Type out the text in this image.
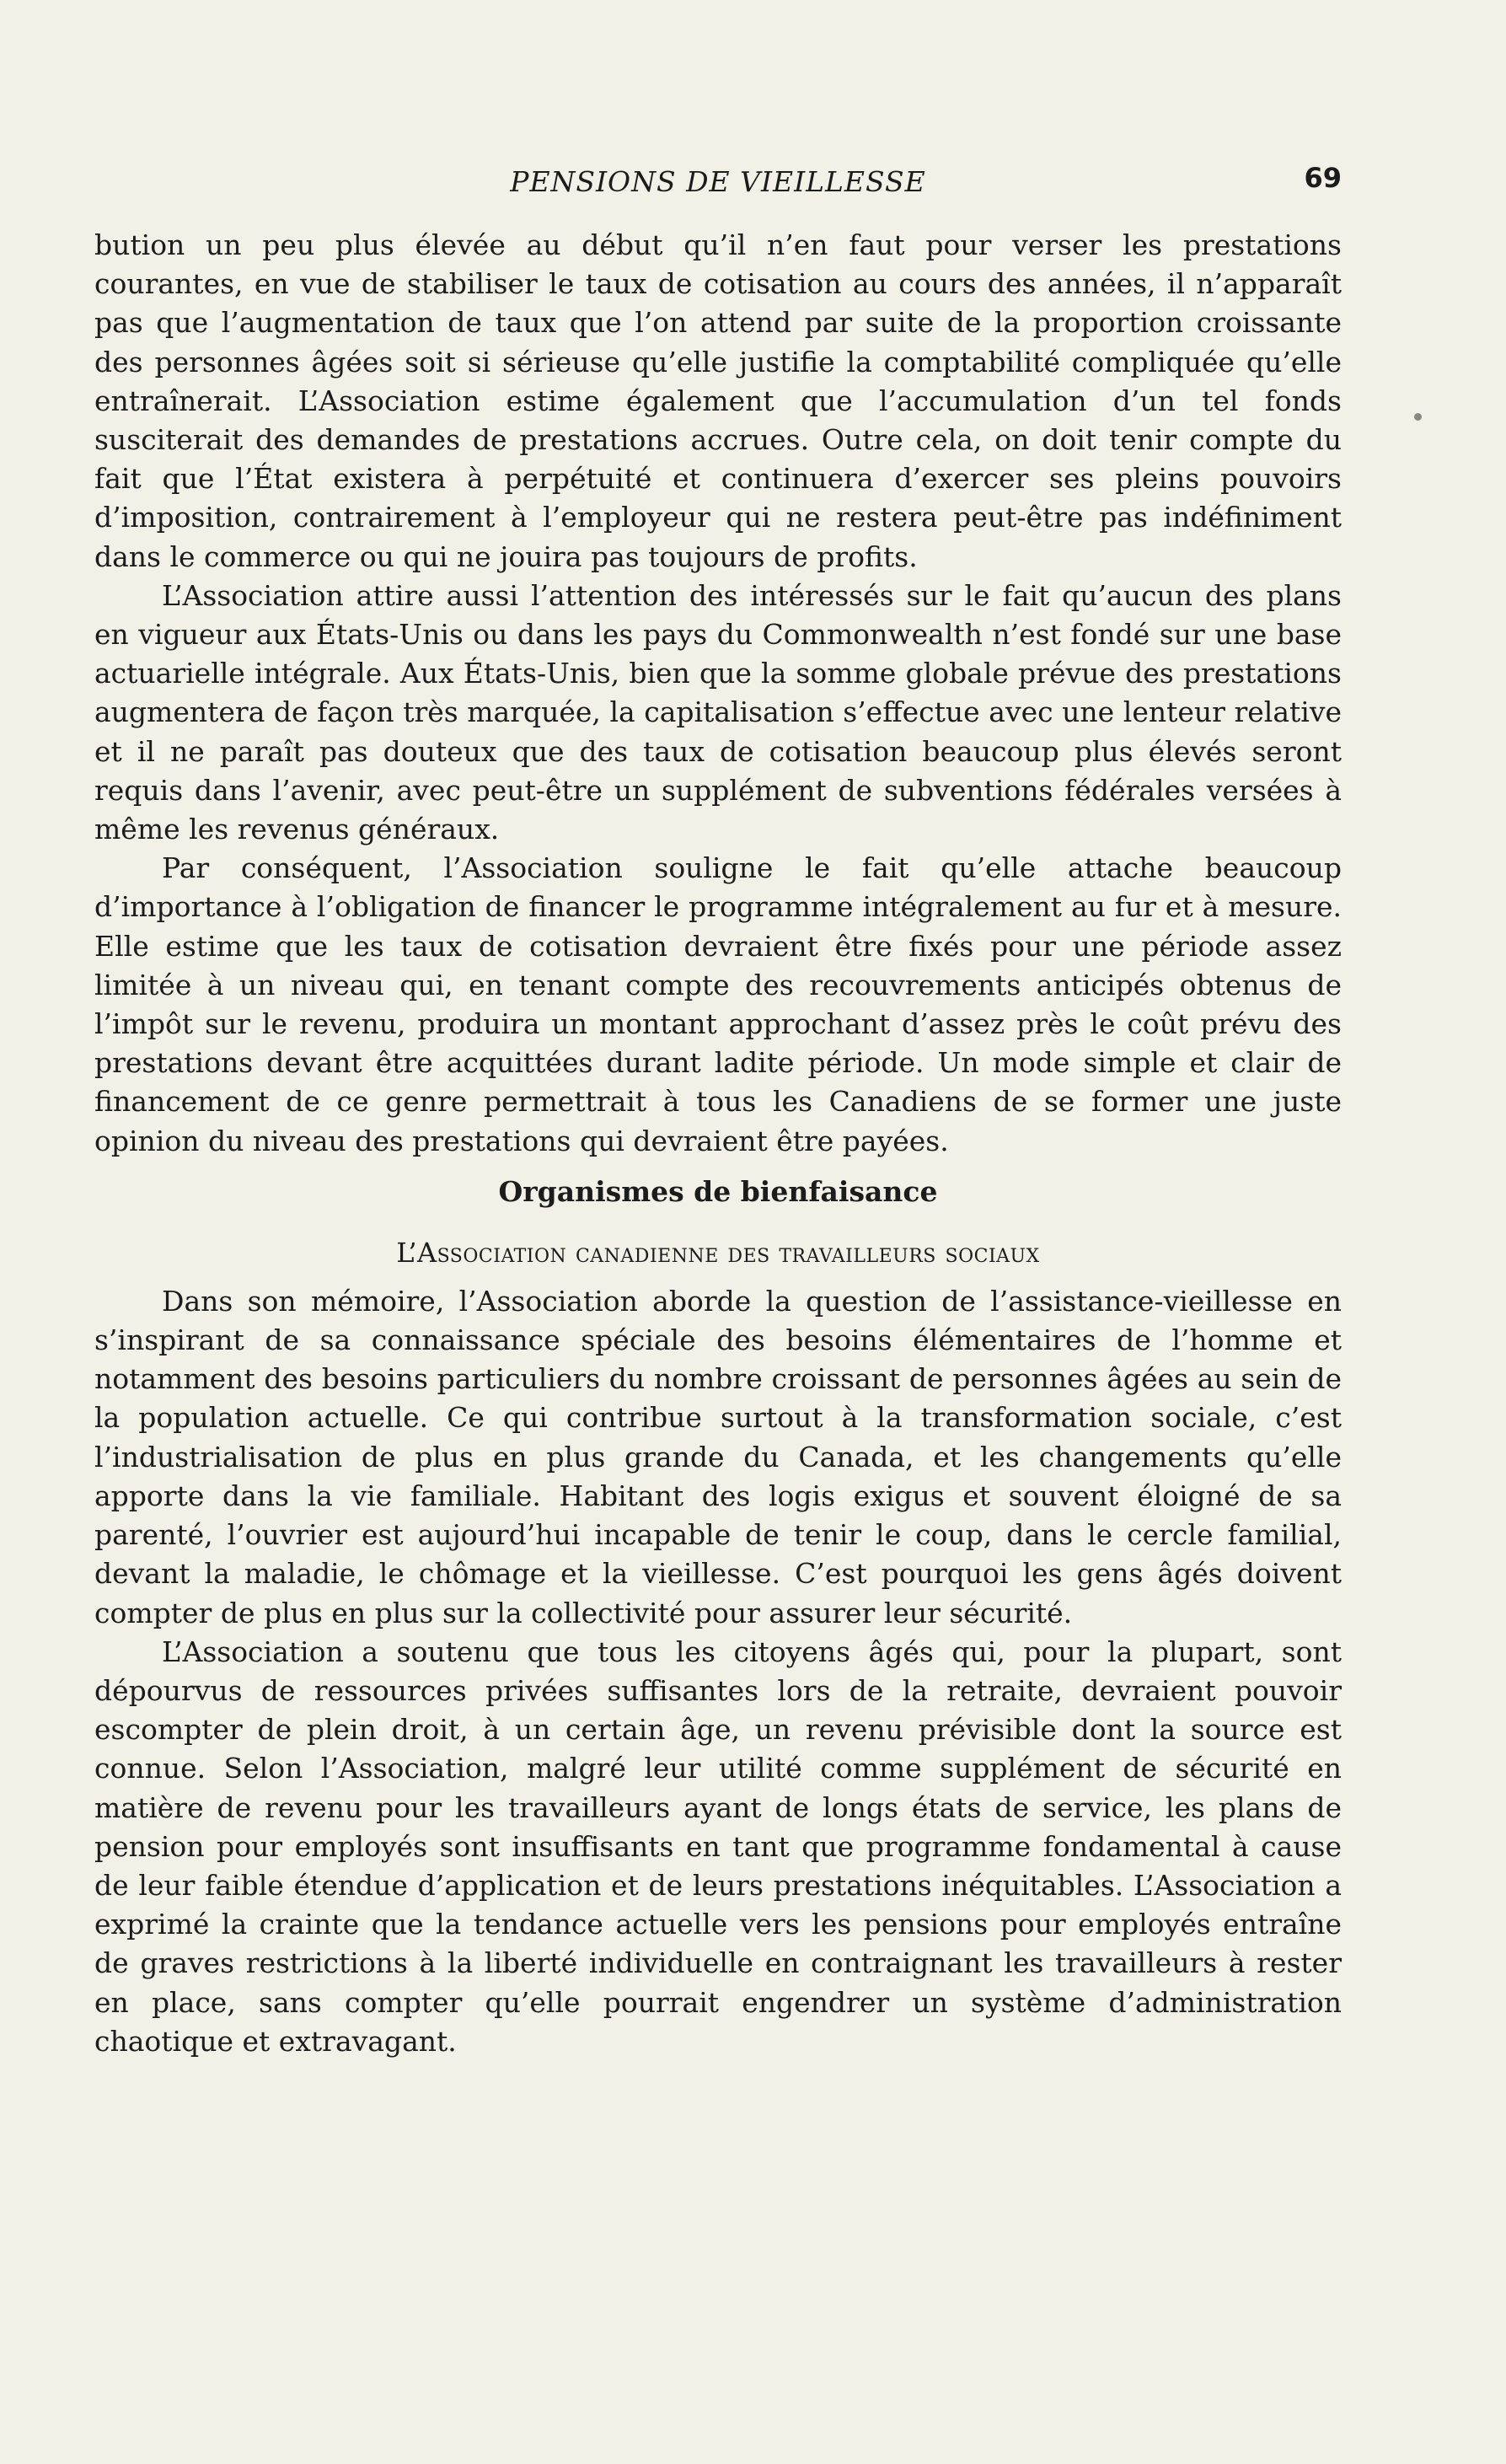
PENSIONS DE VIEILLESSE	69

bution un peu plus élevée au début qu’il n’en faut pour verser les prestations courantes, en vue de stabiliser le taux de cotisation au cours des années, il n’apparaît pas que l’augmentation de taux que l’on attend par suite de la proportion croissante des personnes âgées soit si sérieuse qu’elle justifie la comptabilité compliquée qu’elle entraînerait. L’Association estime également que l’accumulation d’un tel fonds susciterait des demandes de prestations accrues. Outre cela, on doit tenir compte du fait que l’État existera à perpétuité et continuera d’exercer ses pleins pouvoirs d’imposition, contrairement à l’employeur qui ne restera peut-être pas indéfiniment dans le commerce ou qui ne jouira pas toujours de profits.

L’Association attire aussi l’attention des intéressés sur le fait qu’aucun des plans en vigueur aux États-Unis ou dans les pays du Commonwealth n’est fondé sur une base actuarielle intégrale. Aux États-Unis, bien que la somme globale prévue des prestations augmentera de façon très marquée, la capitalisation s’effectue avec une lenteur relative et il ne paraît pas douteux que des taux de cotisation beaucoup plus élevés seront requis dans l’avenir, avec peut-être un supplément de subventions fédérales versées à même les revenus généraux.

Par conséquent, l’Association souligne le fait qu’elle attache beaucoup d’importance à l’obligation de financer le programme intégralement au fur et à mesure. Elle estime que les taux de cotisation devraient être fixés pour une période assez limitée à un niveau qui, en tenant compte des recouvrements anticipés obtenus de l’impôt sur le revenu, produira un montant approchant d’assez près le coût prévu des prestations devant être acquittées durant ladite période. Un mode simple et clair de financement de ce genre permettrait à tous les Canadiens de se former une juste opinion du niveau des prestations qui devraient être payées.

Organismes de bienfaisance
L’Association canadienne des travailleurs sociaux

Dans son mémoire, l’Association aborde la question de l’assistance-vieillesse en s’inspirant de sa connaissance spéciale des besoins élémentaires de l’homme et notamment des besoins particuliers du nombre croissant de personnes âgées au sein de la population actuelle. Ce qui contribue surtout à la transformation sociale, c’est l’industrialisation de plus en plus grande du Canada, et les changements qu’elle apporte dans la vie familiale. Habitant des logis exigus et souvent éloigné de sa parenté, l’ouvrier est aujourd’hui incapable de tenir le coup, dans le cercle familial, devant la maladie, le chômage et la vieillesse. C’est pourquoi les gens âgés doivent compter de plus en plus sur la collectivité pour assurer leur sécurité.

L’Association a soutenu que tous les citoyens âgés qui, pour la plupart, sont dépourvus de ressources privées suffisantes lors de la retraite, devraient pouvoir escompter de plein droit, à un certain âge, un revenu prévisible dont la source est connue. Selon l’Association, malgré leur utilité comme supplément de sécurité en matière de revenu pour les travailleurs ayant de longs états de service, les plans de pension pour employés sont insuffisants en tant que programme fondamental à cause de leur faible étendue d’application et de leurs prestations inéquitables. L’Association a exprimé la crainte que la tendance actuelle vers les pensions pour employés entraîne de graves restrictions à la liberté individuelle en contraignant les travailleurs à rester en place, sans compter qu’elle pourrait engendrer un système d’administration chaotique et extravagant.
